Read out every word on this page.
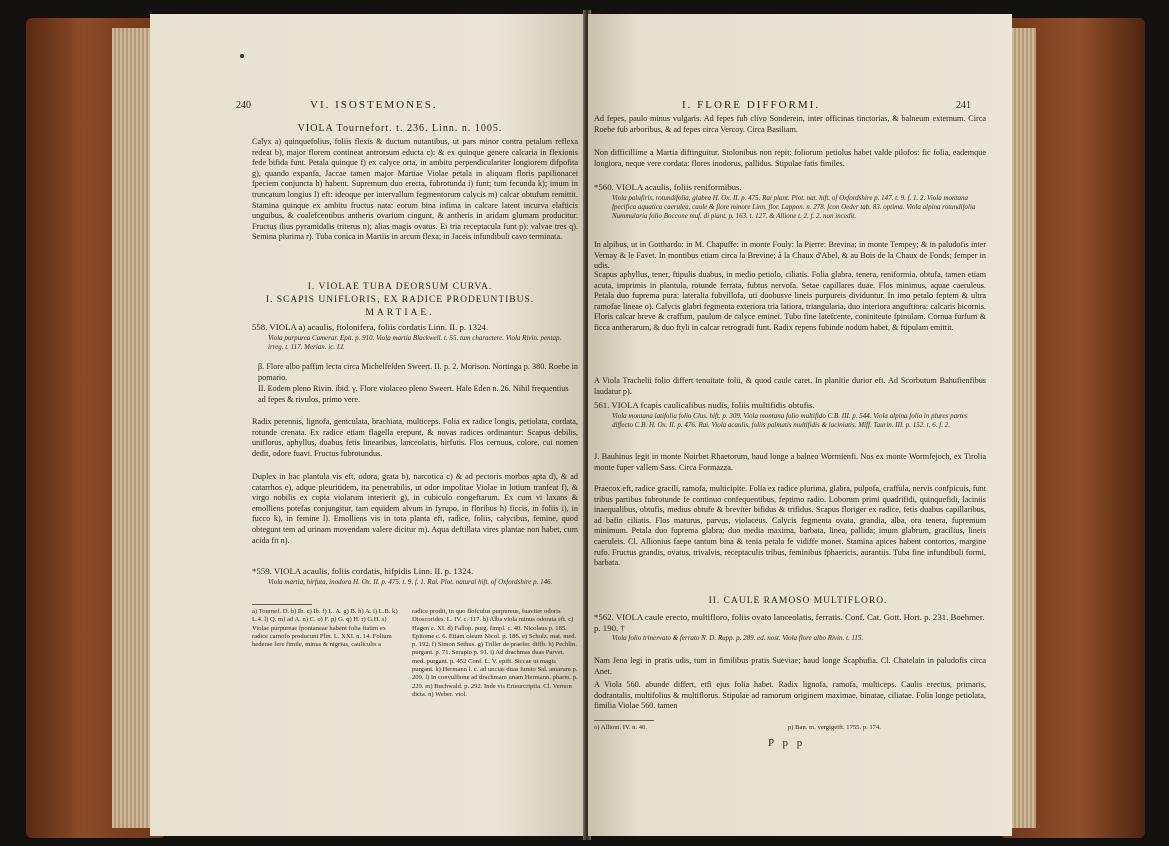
240	VI. ISOSTEMONES.
VIOLA Tournefort. t. 236. Linn. n. 1005.
Calyx a) quinquefolius, foliis flexis & ductum nutantibus, ut pars minor contra petalum reflexa redeat b), major florem contineat antrorsum educta c): & ex quinque genere calcaria in flexionis fede bifida funt. Petala quinque f) ex calyce orta, in ambitu perpendiculariter longiorem difpofita g), quando expanfa, Jaccae tamen major Martiae Violae petala in aliquam floris papilionacei fpeciem conjuncta h) habent. Supremum duo erecta, fubrotunda i) funt; tum fecunda k); imum in truncatum longius l) eft: ideoque per intervallum fegmentorum calycis m) calcar obtufum remittit. Stamina quinque ex ambitu fructus nata: eorum bina infima in calcare latent incurva elafticis unguibus, & coalefcentibus antheris ovarium cingunt, & antheris in aridam glumam producitur. Fructus ilius pyramidalis triterus n); alias magis ovatus. Ei tria receptacula funt p): valvae tres q). Semina plurima r). Tuba conica in Martiis in arcum flexa; in Jaceis infundibuli cavo terminata.
I. VIOLAE TUBA DEORSUM CURVA.
I. SCAPIS UNIFLORIS, EX RADICE PRODEUNTIBUS.
MARTIAE.
558. VIOLA a) acaulis, ftolonifera, foliis cordatis Linn. II. p. 1324.
Viola purpurea Camerar. Epit. p. 910. Viola martia Blackwell. t. 55. tum charactere. Viola Rivin. pentap. irreg. t. 117. Merian. ic. LI.
β. Flore albo paffim lecta circa Michelfelden Sweert. II. p. 2. Morison. Nortinga p. 380. Roebe in pomario.
II. Eodem pleno Rivin. ibid. γ. Flore violaceo pleno Sweert. Hale Eden n. 26. Nihil frequentius ad fepes & rivulos, primo vere.
Radix perennis, lignofa, geniculata, brachiata, multiceps. Folia ex radice longis, petiolata, cordata, rotunde crenata. Ex radice etiam flagella erepunt, & novas radices ordinantur: Scapus debilis, uniflorus, aphyllus, duabus fetis linearibus, lanceolatis, hirfutis. Flos cernuus, colore, cui nomen dedit, odore fuavi. Fructus fubrotundus.
Duplex in hac plantula vis eft, odora, grata b), narcotica c) & ad pectoris morbos apta d), & ad catarrhos e), adque pleuritidem, ita penetrabilis, ut odor impolitae Violae in lotium tranfeat f), & virgo nobilis ex copia violarum interierit g), in cubiculo congeftarum. Ex cum vi laxans & emolliens potefas conjungitur, tam equidem alvum in fyrupo, in floribus h) ficcis, in foliis i), in fucco k), in femine l). Emolliens vis in tota planta eft, radice, foliis, calycibus, femine, quod obtegunt tem ad urinam movendam valere dicitur m). Aqua deftillata vires plantae non habet, cum acida fit n).
*559. VIOLA acaulis, foliis cordatis, hifpidis Linn. II. p. 1324.
Viola martia, hirfuta, inodora H. Ox. II. p. 475. t. 9. f. 1. Rai. Plot. natural hift. of Oxfordshire p. 146.
a) Tournef. D. b) Ib. c) Ib. f) L. A. g) B. h) A. i) L.B. k) L.4. l) Q. m) ad A. n) C. o) F. p) G. q) H. r) G.H. s) Violae purpureae fpontaneae habent folia ftatim ex radice carnofo producunt Plin. L. XXI. n. 14. Folium hederae fere fimile, minus & nigrius, cauliculis a
radice prodit, in quo flofculus purpureus, fuaviter odoris Dioscorides. L. IV. c. 117. b) Alba viola minus odorata eft. c) Hagen c. XI. d) Fallop. purg. fimpl. c. 40. Nicolaus p. 185. Epitome c. 6. Etiam oleum Nicol. p. 186. e) Schulz. mat. med. p. 192. f) Simon Sethus. g) Triller de praefer. diffb. h) Pechlin. purgant. p. 71. Serapio p. 91. i) Ad drachmas duas Parvet. med. purgant. p. 452 Conf. L. V. epift. Siccae ut magis purgant. k) Hermann l. c. ad uncias duas fumto Sal. amarum p. 209. l) In convulfione ad drachmam unam Hermann. pharm. p. 229. m) Buchwald. p. 292. Inde vis Erteurcriptia. Cl. Vernon dicta. n) Weber. viol.
I. FLORE DIFFORMI.	241
Ad fepes, paulo minus vulgaris. Ad fepes fub clivo Sonderein, inter officinas tinctorias, & balneum externum. Circa Roebe fub arboribus, & ad fepes circa Vercoy. Circa Basiliam.
Non difficillime a Martia diftinguitur. Stolonibus non repit: foliorum petiolus habet valde pilofos: fic folia, eademque longiora, neque vere cordata: flores inodorus, pallidus. Stipulae fatis fimiles.
*560. VIOLA acaulis, foliis reniformibus.
Viola palufiris, rotundifolia, glabra H. Ox. II. p. 475. Rai plant. Plot. nat. hift. of Oxfordshire p. 147. t. 9. f. 1. 2. Viola montana fpecifica aquatica caerulea, caule & flore minore Linn. flor. Lappon. n. 278. fcon Oeder tab. 83. optima. Viola alpina rotundifolia Nummularia folio Boccone muf. di piant. p. 163. t. 127. & Allione t. 2. f. 2. non incedit.
In alpibus, ut in Gotthardo: in M. Chapuffe: in monte Fouly: la Pierre: Brevina; in monte Tempey; & in paludofis inter Vernay & le Favet. In montibus etiam circa la Brevine; à la Chaux d'Abel, & au Bois de la Chaux de Fonds; femper in udis.
Scapus aphyllus, tener, ftipulis duabus, in medio petiolo, ciliatis. Folia glabra, tenera, reniformia, obtufa, tamen etiam acuta, imprimis in plantula, rotunde ferrata, fubtus nervofa. Setae capillares duae. Flos minimus, aquae caeruleus. Petala duo fuprema pura: lateralia fubvillofa, uti duobusve lineis purpureis dividuntur. In imo petalo feptem & ultra ramofae lineae o). Calycis glabri fegmenta exteriora tria latiora, triangularia, duo interiora anguftiora: calcaris bicornis. Floris calcar breve & craffum, paulum de calyce eminet. Tubo fine latefcente, coniniteute fpinulam. Cornua furfum & ficca antherarum, & duo ftyli in calcar retrogradi funt. Radix repens fubinde nodum habet, & ftipulam emittit.
A Viola Trachelii folio differt tenuitate folii, & quod caule caret. In planitie durior eft. Ad Scorbutum Bahufienfibus laudatur p).
561. VIOLA fcapis caulicalibus nudis, foliis multifidis obtufis.
Viola montana latifolia folio Clus. hift. p. 309. Viola montana folio multifido C.B. III. p. 544. Viola alpina folio in plures partes diffecto C.B. H. Ox. II. p. 476. Rai. Viola acaulis, foliis palmatis multifidis & laciniatis. Miff. Taurin. III. p. 152. t. 6. f. 2.
J. Bauhinus legit in monte Noirbet Rhaetorum, haud longe a balneo Wormienfi. Nos ex monte Wormfejoch, ex Tirolia monte fuper vallem Sass. Circa Formazza.
Praecox eft, radice gracili, ramofa, multicipite. Folia ex radice plurima, glabra, pulpofa, craffula, nervis confpicuis, funt tribus partibus fubrotunde fe continuo confequentibus, feptimo radio. Loborum primi quadrifidi, quinquefidi, laciniis inaequalibus, obtufis, medius obtufe & breviter bifidus & trifidus. Scapus floriger ex radice, fetis duabus capillaribus, ad bafin ciliatis. Flos maturus, parvus, violaceus. Calycis fegmenta ovata, grandia, alba, ora tenera, fupremum minimum. Petala duo fuprema glabra; duo media maxima, barbata, linea, pallida; imum glabrum, gracilius, lineis caeruleis. Cl. Allionius faepe tantum bina & tenia petala fe vidiffe monet. Stamina apices habent contortos, margine rufo. Fructus grandis, ovatus, trivalvis, receptaculis tribus, feminibus fphaericis, aurantiis. Tuba fine infundibuli formi, barbata.
II. CAULE RAMOSO MULTIFLORO.
*562. VIOLA caule erecto, multifloro, foliis ovato lanceolatis, ferratis. Conf. Cat. Gott. Hort. p. 231. Boehmer. p. 190. †
Viola folio trinervato & ferrato N. D. Rupp. p. 289. ed. nost. Viola flore albo Rivin. t. 115.
Nam Jena legi in pratis udis, tum in fimilibus pratis Sueviae; haud longe Scaphufia. Cl. Chatelain in paludofis circa Anet.
A Viola 560. abunde differt, etfi ejus folia habet. Radix lignofa, ramofa, multiceps. Caulis erectus, primaris, dodrantalis, multifolius & multiflorus. Stipulae ad ramorum originem maximae, binatae, ciliatae. Folia longe petiolata, fimilia Violae 560. tamen
o) Allioni. IV. n. 40.	p) Ban. m. vergigeift. 1755. p. 174.
P p p
